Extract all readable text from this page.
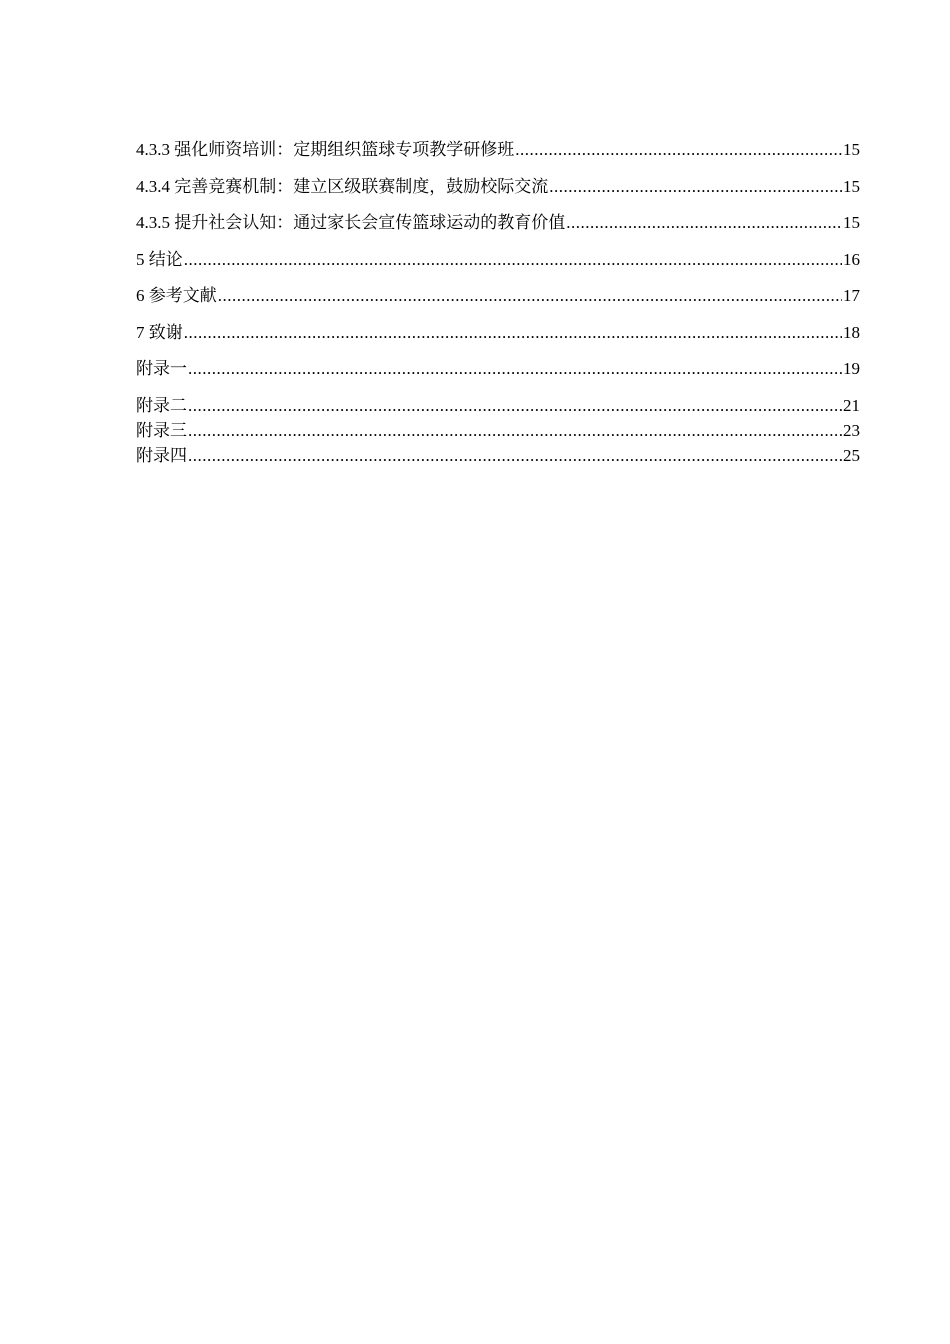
4.3.3 强化师资培训：定期组织篮球专项教学研修班 .....	15
4.3.4 完善竞赛机制：建立区级联赛制度，鼓励校际交流 .....	15
4.3.5 提升社会认知：通过家长会宣传篮球运动的教育价值 .....	15
5 结论 .....	16
6 参考文献 .....	17
7 致谢 .....	18
附录一 .....	19
附录二 .....	21
附录三 .....	23
附录四 .....	25
